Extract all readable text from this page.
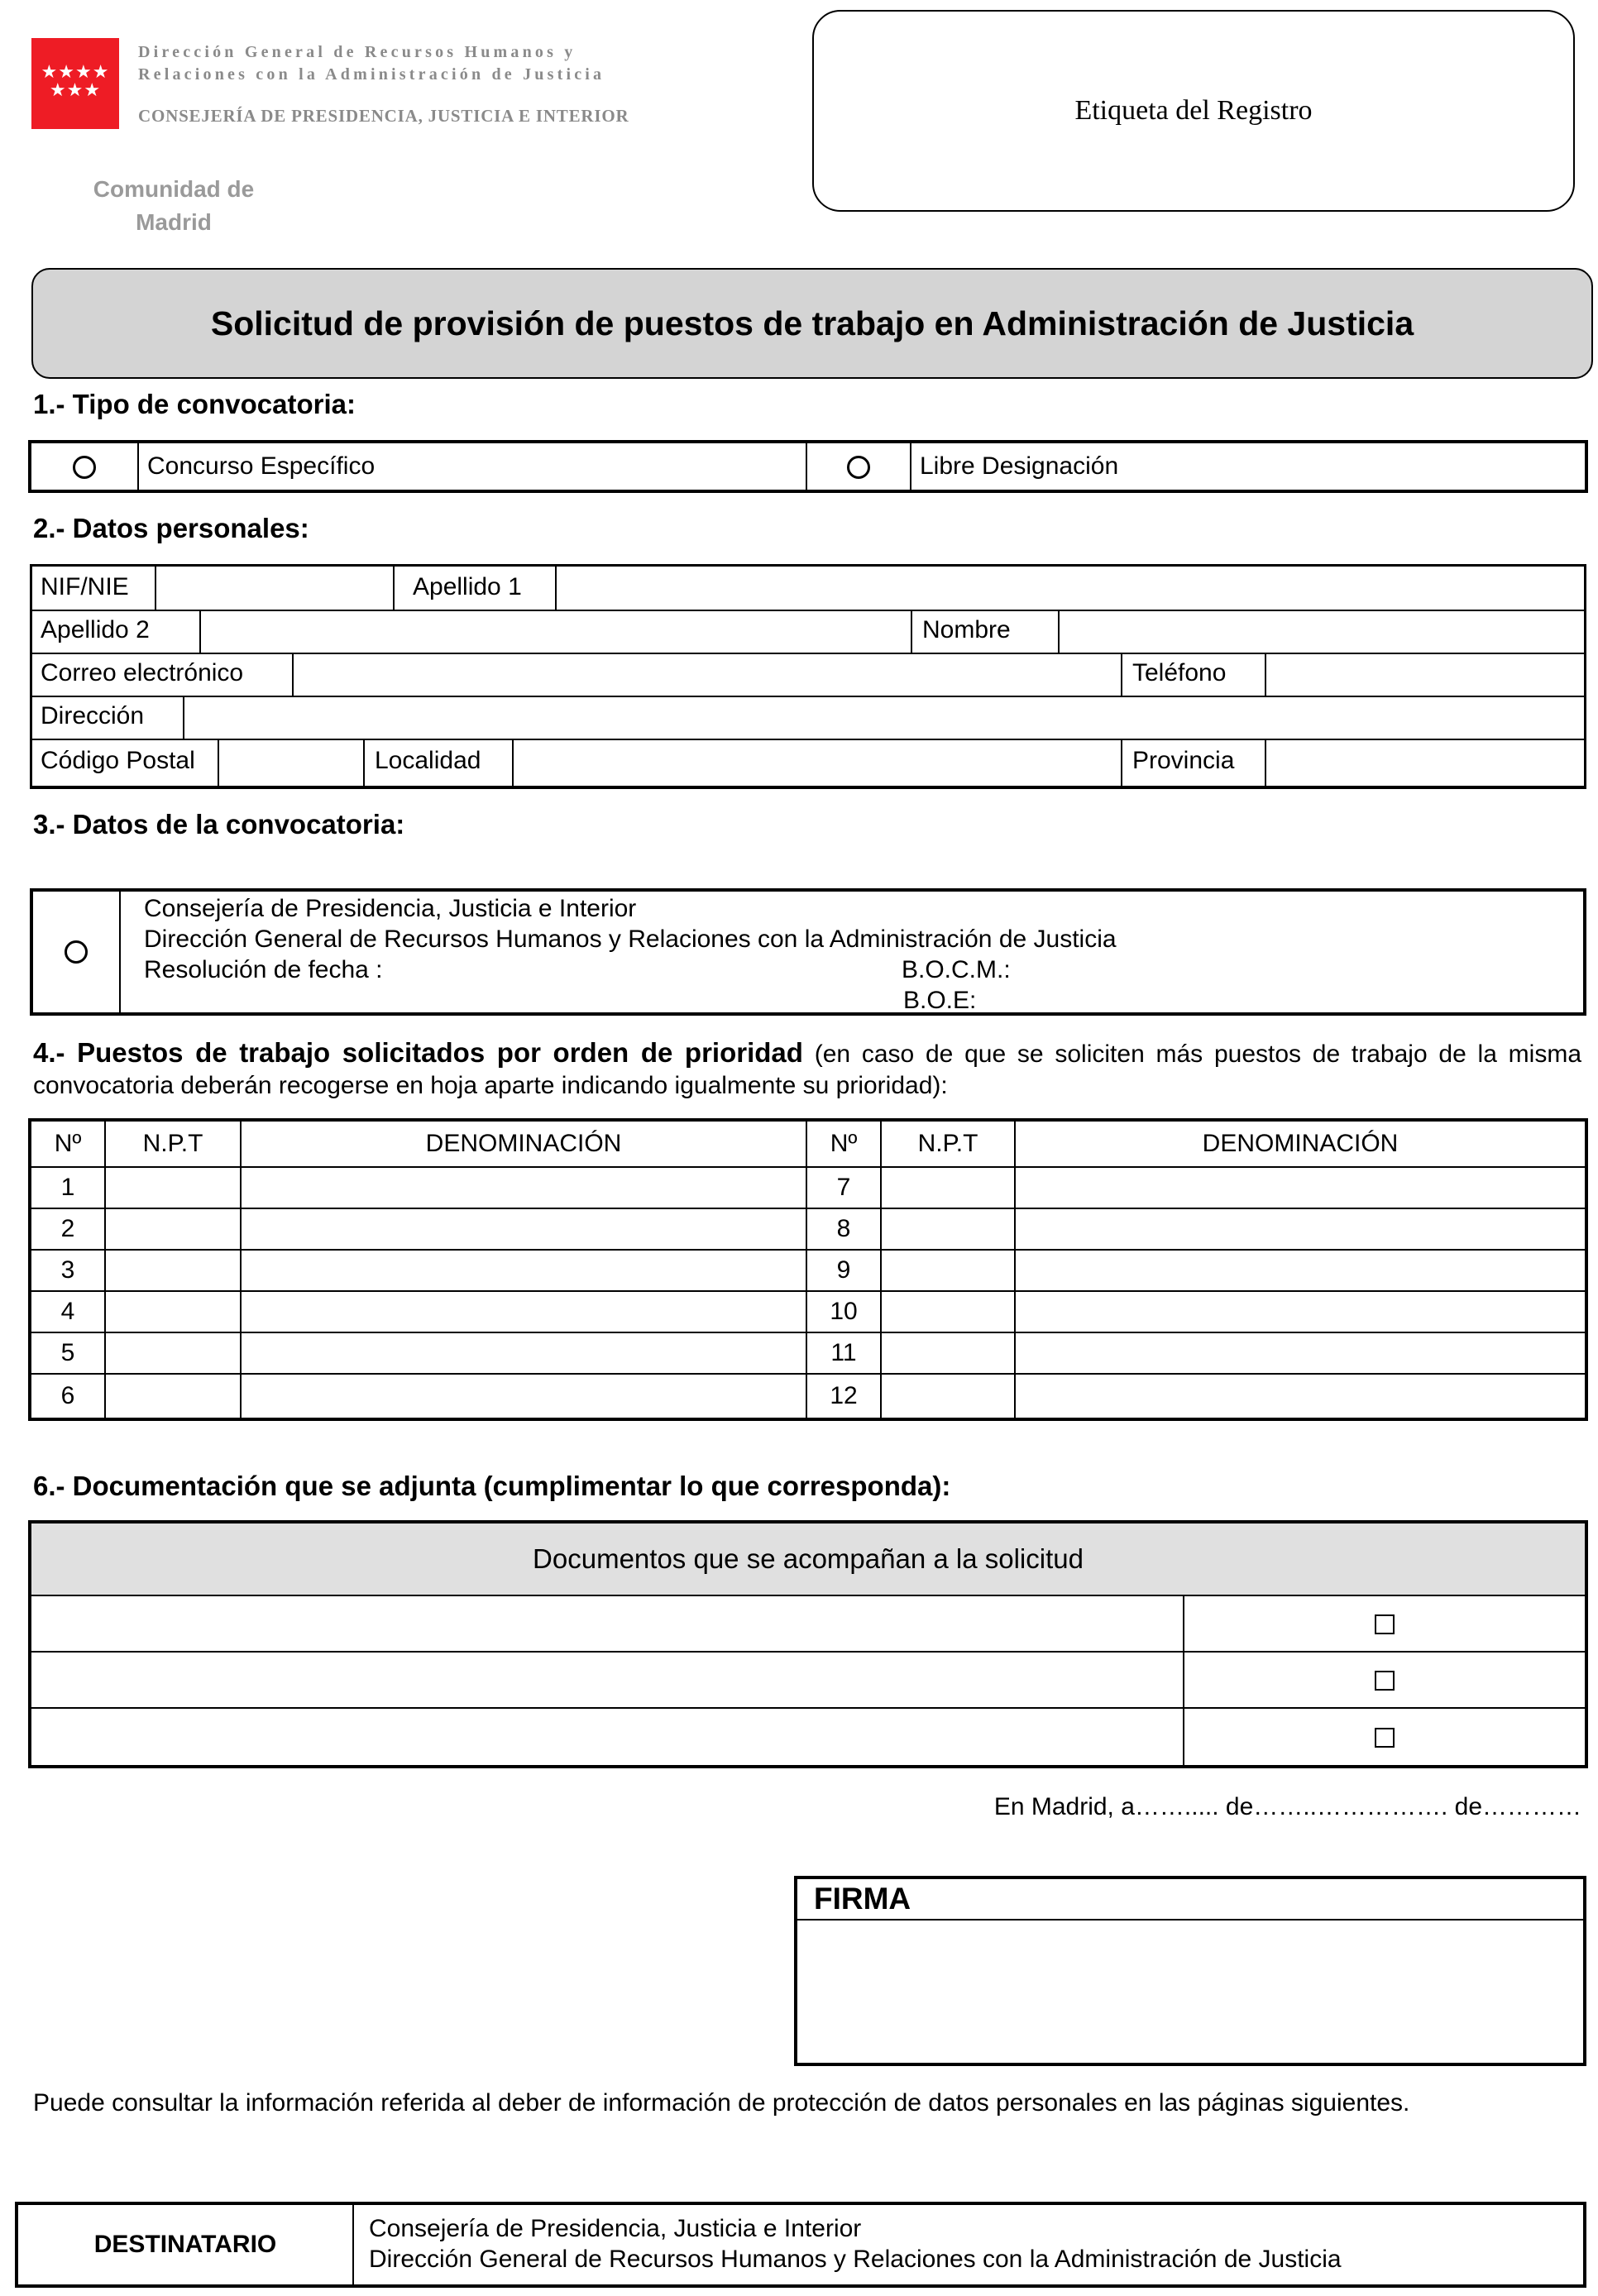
★★★★
★★★
Dirección General de Recursos Humanos y
Relaciones con la Administración de Justicia
CONSEJERÍA DE PRESIDENCIA, JUSTICIA E INTERIOR
Comunidad de
Madrid
Etiqueta del Registro
Solicitud de provisión de puestos de trabajo en Administración de Justicia
1.- Tipo de convocatoria:
	Concurso Específico		Libre Designación
2.- Datos personales:
NIF/NIE	Apellido 1
Apellido 2	Nombre
Correo electrónico	Teléfono
Dirección
Código Postal	Localidad	Provincia
3.- Datos de la convocatoria:
Consejería de Presidencia, Justicia e Interior
Dirección General de Recursos Humanos y Relaciones con la Administración de Justicia
Resolución de fecha :	B.O.C.M.:
B.O.E:
4.- Puestos de trabajo solicitados por orden de prioridad (en caso de que se soliciten más puestos de trabajo de la misma convocatoria deberán recogerse en hoja aparte indicando igualmente su prioridad):
Nº	N.P.T	DENOMINACIÓN	Nº	N.P.T	DENOMINACIÓN
1			7		
2			8		
3			9		
4			10		
5			11		
6			12		
6.- Documentación que se adjunta (cumplimentar lo que corresponda):
Documentos que se acompañan a la solicitud	

En Madrid, a……..... de……..……………. de…………
FIRMA
Puede consultar la información referida al deber de información de protección de datos personales en las páginas siguientes.
DESTINATARIO
Consejería de Presidencia, Justicia e Interior
Dirección General de Recursos Humanos y Relaciones con la Administración de Justicia
